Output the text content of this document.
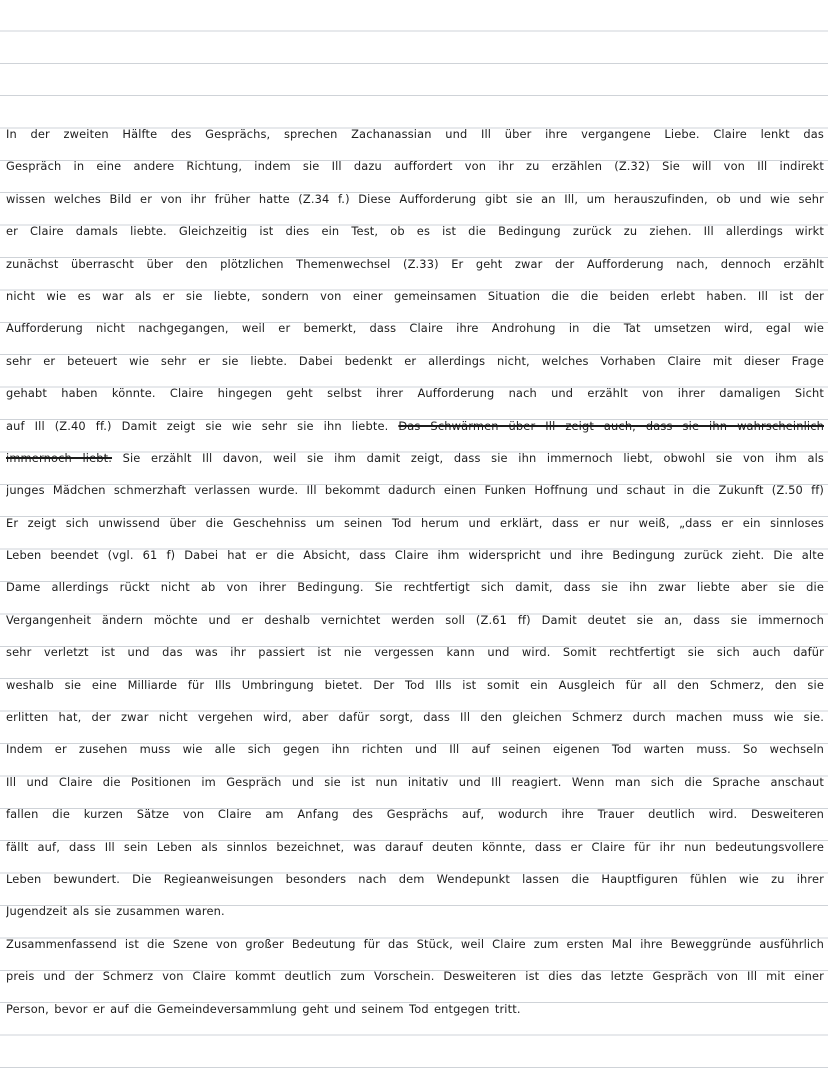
In der zweiten Hälfte des Gesprächs, sprechen Zachanassian und Ill über ihre vergangene Liebe. Claire lenkt das
Gespräch in eine andere Richtung, indem sie Ill dazu auffordert von ihr zu erzählen (Z.32) Sie will von Ill indirekt
wissen welches Bild er von ihr früher hatte (Z.34 f.) Diese Aufforderung gibt sie an Ill, um herauszufinden, ob und wie sehr
er Claire damals liebte. Gleichzeitig ist dies ein Test, ob es ist die Bedingung zurück zu ziehen. Ill allerdings wirkt
zunächst überrascht über den plötzlichen Themenwechsel (Z.33) Er geht zwar der Aufforderung nach, dennoch erzählt
nicht wie es war als er sie liebte, sondern von einer gemeinsamen Situation die die beiden erlebt haben. Ill ist der
Aufforderung nicht nachgegangen, weil er bemerkt, dass Claire ihre Androhung in die Tat umsetzen wird, egal wie
sehr er beteuert wie sehr er sie liebte. Dabei bedenkt er allerdings nicht, welches Vorhaben Claire mit dieser Frage
gehabt haben könnte. Claire hingegen geht selbst ihrer Aufforderung nach und erzählt von ihrer damaligen Sicht
auf Ill (Z.40 ff.) Damit zeigt sie wie sehr sie ihn liebte. Das Schwärmen über Ill zeigt auch, dass sie ihn wahrscheinlich
immernoch liebt. Sie erzählt Ill davon, weil sie ihm damit zeigt, dass sie ihn immernoch liebt, obwohl sie von ihm als
junges Mädchen schmerzhaft verlassen wurde. Ill bekommt dadurch einen Funken Hoffnung und schaut in die Zukunft (Z.50 ff)
Er zeigt sich unwissend über die Geschehniss um seinen Tod herum und erklärt, dass er nur weiß, „dass er ein sinnloses
Leben beendet (vgl. 61 f) Dabei hat er die Absicht, dass Claire ihm widerspricht und ihre Bedingung zurück zieht. Die alte
Dame allerdings rückt nicht ab von ihrer Bedingung. Sie rechtfertigt sich damit, dass sie ihn zwar liebte aber sie die
Vergangenheit ändern möchte und er deshalb vernichtet werden soll (Z.61 ff) Damit deutet sie an, dass sie immernoch
sehr verletzt ist und das was ihr passiert ist nie vergessen kann und wird. Somit rechtfertigt sie sich auch dafür
weshalb sie eine Milliarde für Ills Umbringung bietet. Der Tod Ills ist somit ein Ausgleich für all den Schmerz, den sie
erlitten hat, der zwar nicht vergehen wird, aber dafür sorgt, dass Ill den gleichen Schmerz durch machen muss wie sie.
Indem er zusehen muss wie alle sich gegen ihn richten und Ill auf seinen eigenen Tod warten muss. So wechseln
Ill und Claire die Positionen im Gespräch und sie ist nun initativ und Ill reagiert. Wenn man sich die Sprache anschaut
fallen die kurzen Sätze von Claire am Anfang des Gesprächs auf, wodurch ihre Trauer deutlich wird. Desweiteren
fällt auf, dass Ill sein Leben als sinnlos bezeichnet, was darauf deuten könnte, dass er Claire für ihr nun bedeutungsvollere
Leben bewundert. Die Regieanweisungen besonders nach dem Wendepunkt lassen die Hauptfiguren fühlen wie zu ihrer
Jugendzeit als sie zusammen waren.
Zusammenfassend ist die Szene von großer Bedeutung für das Stück, weil Claire zum ersten Mal ihre Beweggründe ausführlich
preis und der Schmerz von Claire kommt deutlich zum Vorschein. Desweiteren ist dies das letzte Gespräch von Ill mit einer
Person, bevor er auf die Gemeindeversammlung geht und seinem Tod entgegen tritt.
